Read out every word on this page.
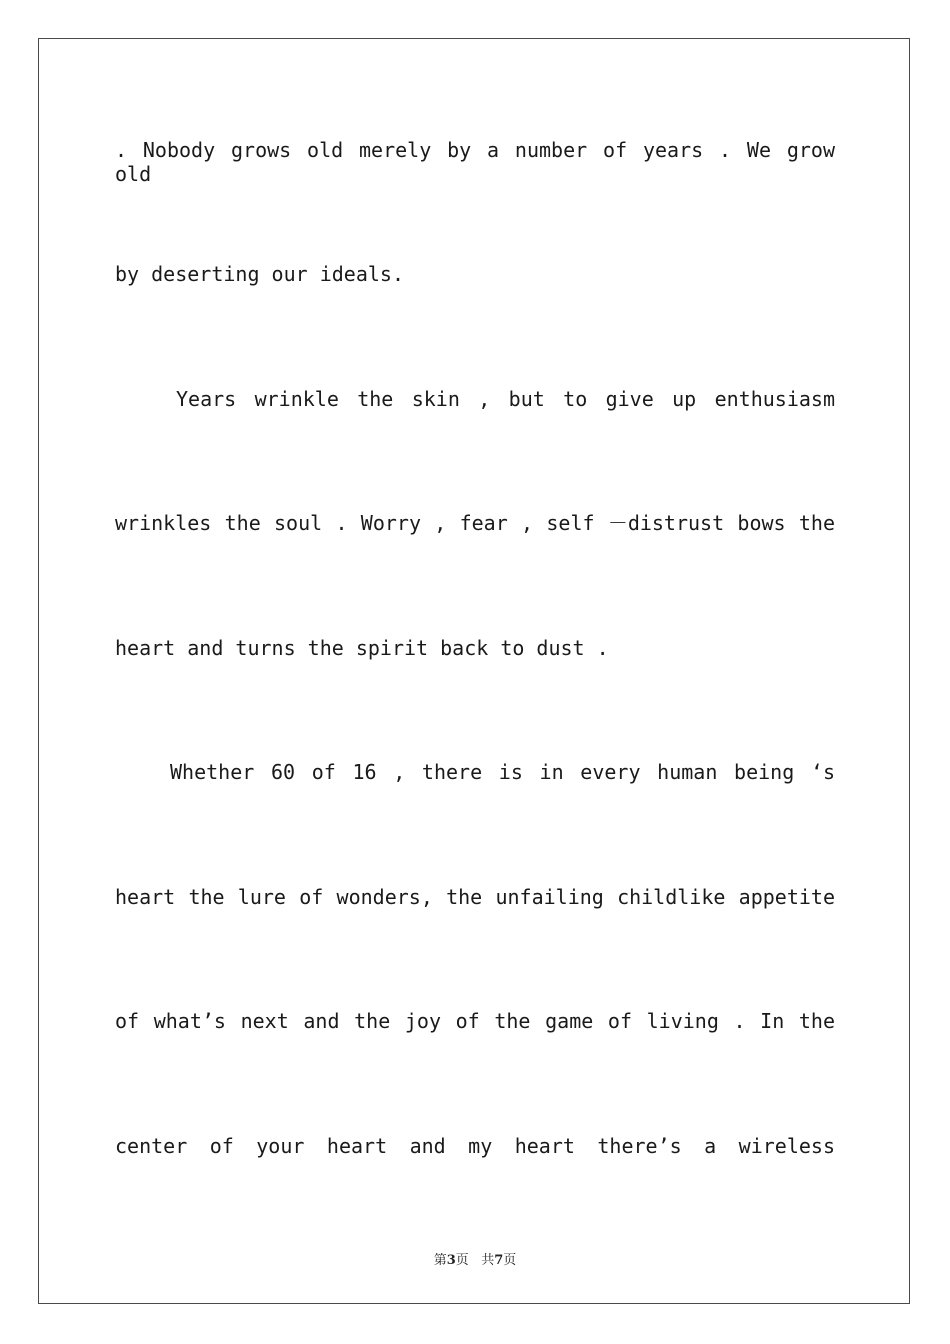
. Nobody grows old merely by a number of years . We grow old
by deserting our ideals.
Years wrinkle the skin , but to give up enthusiasm
wrinkles the soul . Worry , fear , self －distrust bows the
heart and turns the spirit back to dust .
Whether 60 of 16 , there is in every human being ‘s
heart the lure of wonders, the unfailing childlike appetite
of what’s next and the joy of the game of living . In the
center of your heart and my heart there’s a wireless
第3页 共7页
